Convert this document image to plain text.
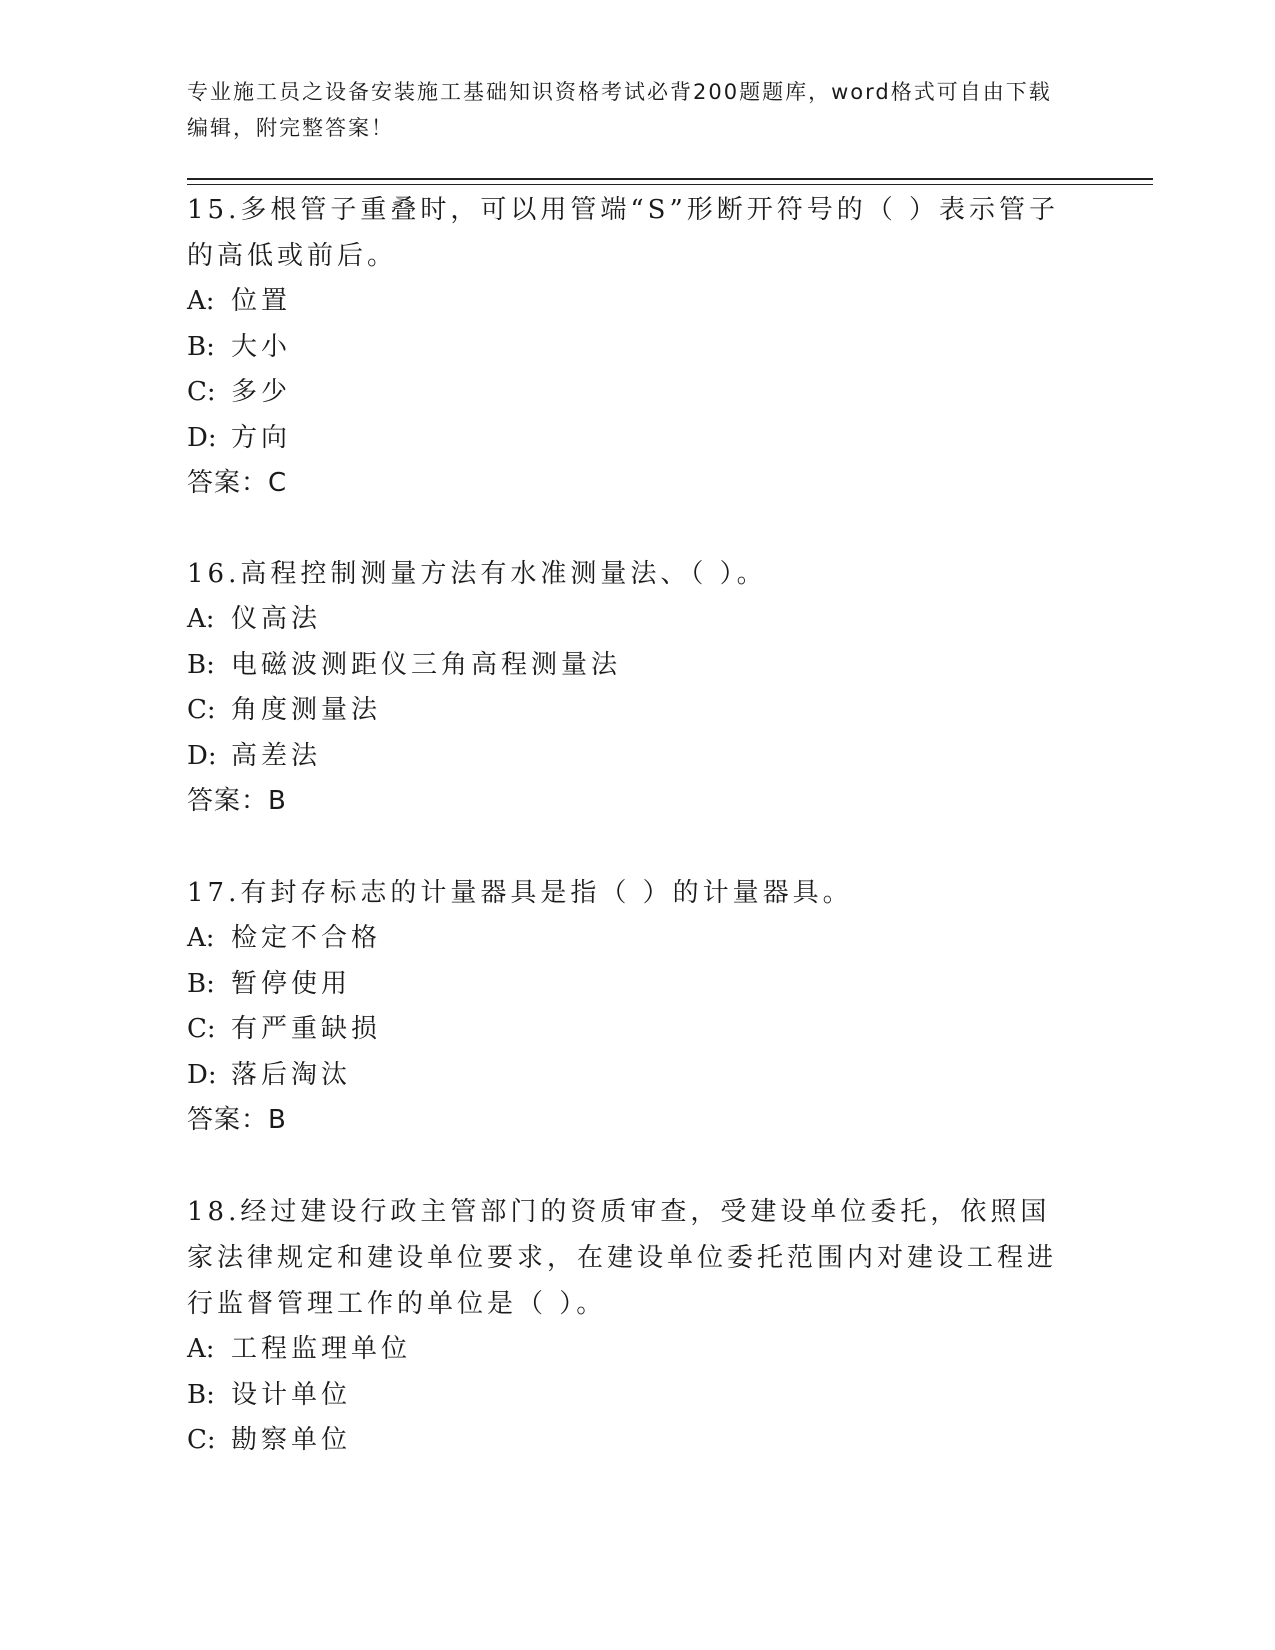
专业施工员之设备安装施工基础知识资格考试必背200题题库，word格式可自由下载编辑，附完整答案！
15.多根管子重叠时，可以用管端“S”形断开符号的（ ）表示管子的高低或前后。
A: 位置
B: 大小
C: 多少
D: 方向
答案：C
16.高程控制测量方法有水准测量法、（ ）。
A: 仪高法
B: 电磁波测距仪三角高程测量法
C: 角度测量法
D: 高差法
答案：B
17.有封存标志的计量器具是指（ ）的计量器具。
A: 检定不合格
B: 暂停使用
C: 有严重缺损
D: 落后淘汰
答案：B
18.经过建设行政主管部门的资质审查，受建设单位委托，依照国家法律规定和建设单位要求，在建设单位委托范围内对建设工程进行监督管理工作的单位是（ ）。
A: 工程监理单位
B: 设计单位
C: 勘察单位
